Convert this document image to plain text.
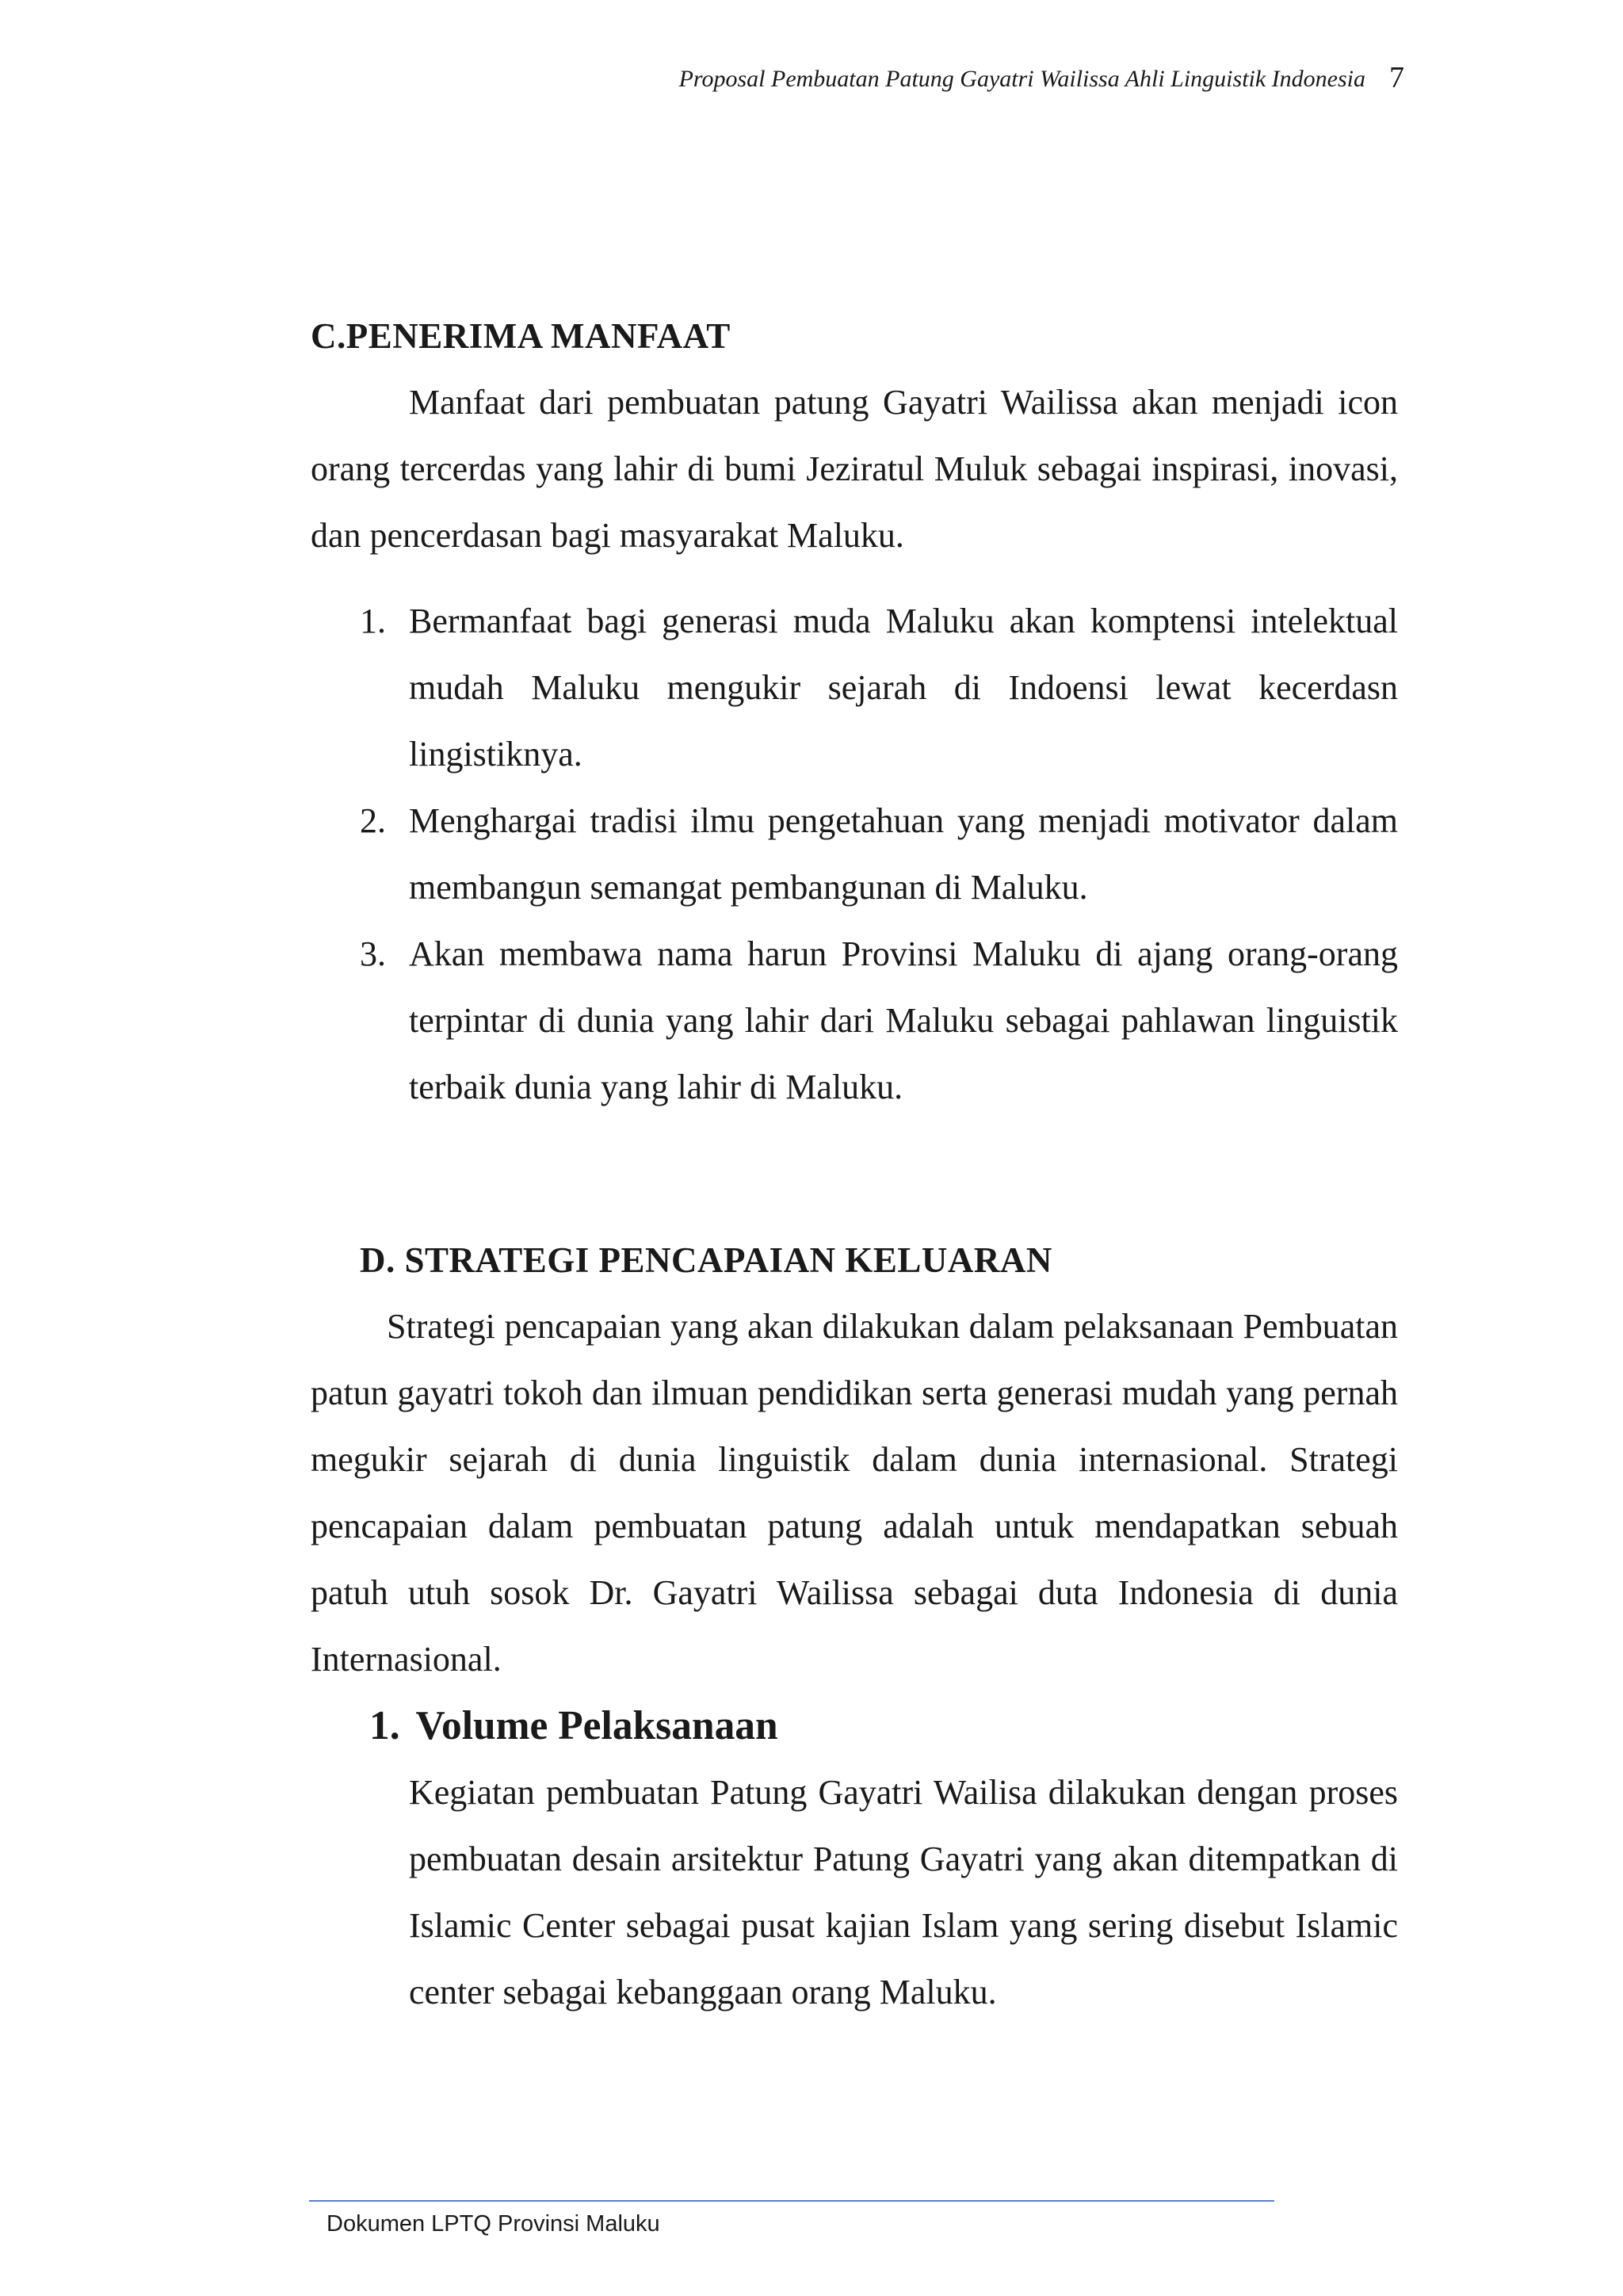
Proposal Pembuatan Patung Gayatri Wailissa Ahli Linguistik Indonesia 7
C.PENERIMA MANFAAT

Manfaat dari pembuatan patung Gayatri Wailissa akan menjadi icon orang tercerdas yang lahir di bumi Jeziratul Muluk sebagai inspirasi, inovasi, dan pencerdasan bagi masyarakat Maluku.

1. Bermanfaat bagi generasi muda Maluku akan komptensi intelektual mudah Maluku mengukir sejarah di Indoensi lewat kecerdasn lingistiknya.
2. Menghargai tradisi ilmu pengetahuan yang menjadi motivator dalam membangun semangat pembangunan di Maluku.
3. Akan membawa nama harun Provinsi Maluku di ajang orang-orang terpintar di dunia yang lahir dari Maluku sebagai pahlawan linguistik terbaik dunia yang lahir di Maluku.
D. STRATEGI PENCAPAIAN KELUARAN

Strategi pencapaian yang akan dilakukan dalam pelaksanaan Pembuatan patun gayatri tokoh dan ilmuan pendidikan serta generasi mudah yang pernah megukir sejarah di dunia linguistik dalam dunia internasional. Strategi pencapaian dalam pembuatan patung adalah untuk mendapatkan sebuah patuh utuh sosok Dr. Gayatri Wailissa sebagai duta Indonesia di dunia Internasional.

1. Volume Pelaksanaan

Kegiatan pembuatan Patung Gayatri Wailisa dilakukan dengan proses pembuatan desain arsitektur Patung Gayatri yang akan ditempatkan di Islamic Center sebagai pusat kajian Islam yang sering disebut Islamic center sebagai kebanggaan orang Maluku.

Dokumen LPTQ Provinsi Maluku
